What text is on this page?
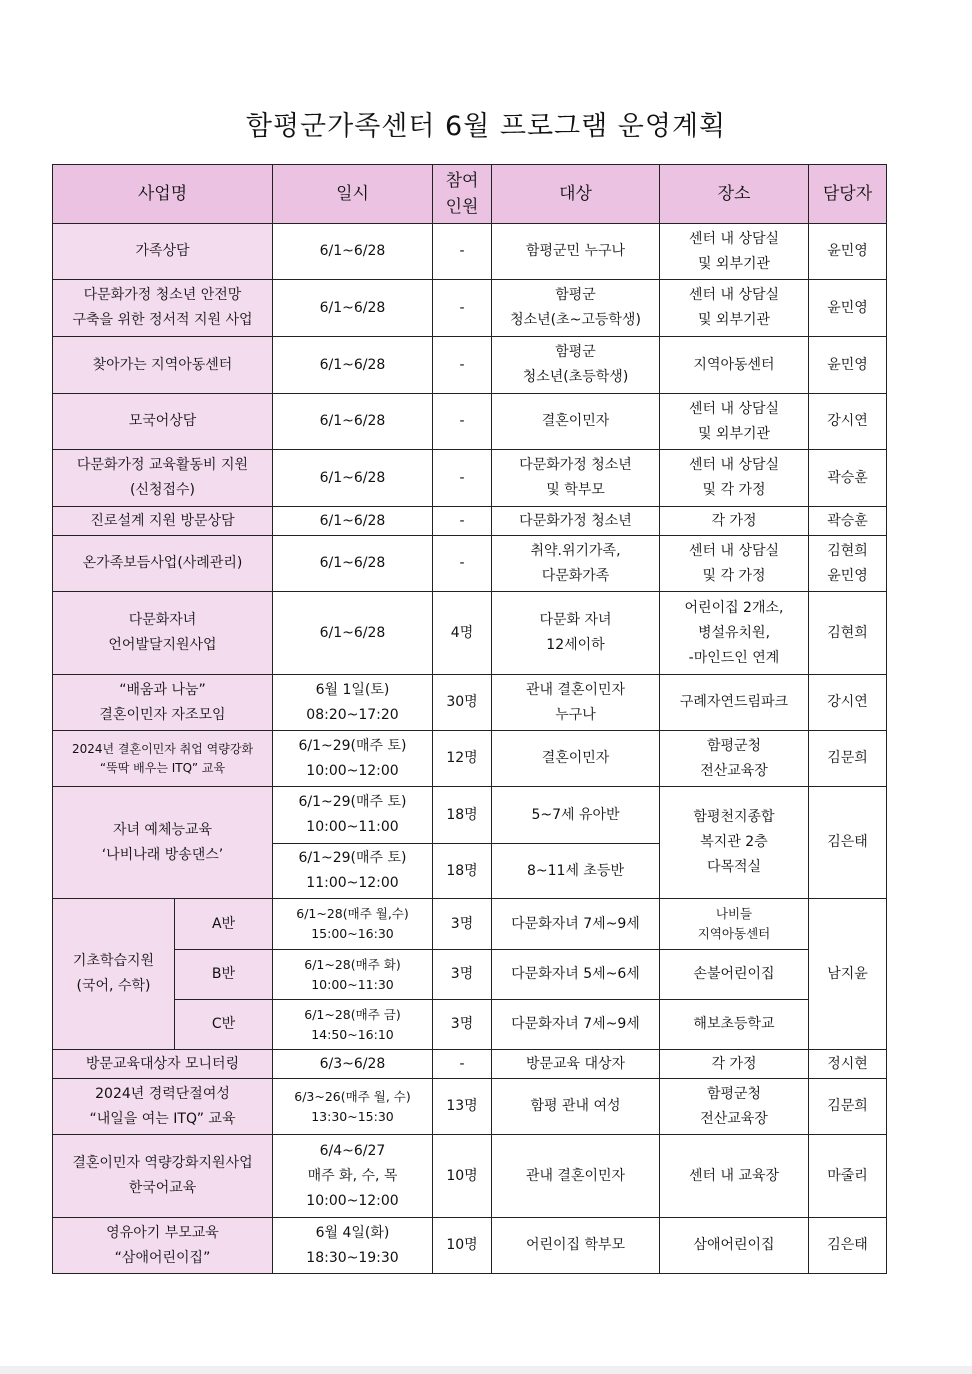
함평군가족센터 6월 프로그램 운영계획
사업명		일시	참여
인원	대상	장소	담당자

가족상담		6/1~6/28	-	함평군민 누구나	센터 내 상담실
및 외부기관	윤민영

다문화가정 청소년 안전망
구축을 위한 정서적 지원 사업		6/1~6/28	-	함평군
청소년(초~고등학생)	센터 내 상담실
및 외부기관	윤민영

찾아가는 지역아동센터		6/1~6/28	-	함평군
청소년(초등학생)	지역아동센터	윤민영

모국어상담		6/1~6/28	-	결혼이민자	센터 내 상담실
및 외부기관	강시연

다문화가정 교육활동비 지원
(신청접수)		6/1~6/28	-	다문화가정 청소년
및 학부모	센터 내 상담실
및 각 가정	곽승훈

진로설계 지원 방문상담		6/1~6/28	-	다문화가정 청소년	각 가정	곽승훈

온가족보듬사업(사례관리)		6/1~6/28	-	취약.위기가족,
다문화가족	센터 내 상담실
및 각 가정	김현희
윤민영

다문화자녀
언어발달지원사업		6/1~6/28	4명	다문화 자녀
12세이하	어린이집 2개소,
병설유치원,
-마인드인 연계	김현희

“배움과 나눔”
결혼이민자 자조모임		6월 1일(토)
08:20~17:20	30명	관내 결혼이민자
누구나	구례자연드림파크	강시연

2024년 결혼이민자 취업 역량강화
“뚝딱 배우는 ITQ” 교육		6/1~29(매주 토)
10:00~12:00	12명	결혼이민자	함평군청
전산교육장	김문희

자녀 예체능교육
‘나비나래 방송댄스’		6/1~29(매주 토)
10:00~11:00	18명	5~7세 유아반	함평천지종합
복지관 2층
다목적실	김은태

		6/1~29(매주 토)
11:00~12:00	18명	8~11세 초등반		

기초학습지원
(국어, 수학)	A반	6/1~28(매주 월,수)
15:00~16:30	3명	다문화자녀 7세~9세	나비들
지역아동센터	남지윤

	B반	6/1~28(매주 화)
10:00~11:30	3명	다문화자녀 5세~6세	손불어린이집	

	C반	6/1~28(매주 금)
14:50~16:10	3명	다문화자녀 7세~9세	해보초등학교	

방문교육대상자 모니터링		6/3~6/28	-	방문교육 대상자	각 가정	정시현

2024년 경력단절여성
“내일을 여는 ITQ” 교육		6/3~26(매주 월, 수)
13:30~15:30	13명	함평 관내 여성	함평군청
전산교육장	김문희

결혼이민자 역량강화지원사업
한국어교육		6/4~6/27
매주 화, 수, 목
10:00~12:00	10명	관내 결혼이민자	센터 내 교육장	마줄리

영유아기 부모교육
“삼애어린이집”		6월 4일(화)
18:30~19:30	10명	어린이집 학부모	삼애어린이집	김은태
